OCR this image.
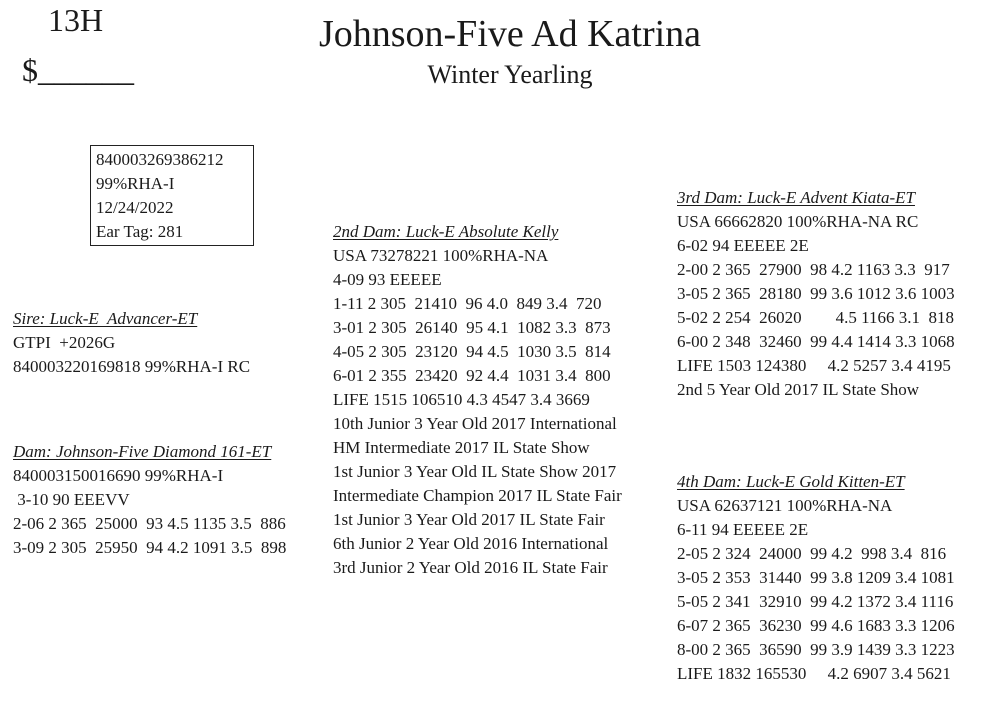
13H
$______
Johnson-Five Ad Katrina
Winter Yearling
840003269386212
99%RHA-I
12/24/2022
Ear Tag: 281
Sire: Luck-E  Advancer-ET
GTPI  +2026G
840003220169818 99%RHA-I RC
Dam: Johnson-Five Diamond 161-ET
840003150016690 99%RHA-I
3-10 90 EEEVV
2-06 2 365  25000  93 4.5 1135 3.5  886
3-09 2 305  25950  94 4.2 1091 3.5  898
2nd Dam: Luck-E Absolute Kelly
USA 73278221 100%RHA-NA
4-09 93 EEEEE
1-11 2 305  21410  96 4.0  849 3.4  720
3-01 2 305  26140  95 4.1  1082 3.3  873
4-05 2 305  23120  94 4.5  1030 3.5  814
6-01 2 355  23420  92 4.4  1031 3.4  800
LIFE 1515 106510 4.3 4547 3.4 3669
10th Junior 3 Year Old 2017 International
HM Intermediate 2017 IL State Show
1st Junior 3 Year Old IL State Show 2017
Intermediate Champion 2017 IL State Fair
1st Junior 3 Year Old 2017 IL State Fair
6th Junior 2 Year Old 2016 International
3rd Junior 2 Year Old 2016 IL State Fair
3rd Dam: Luck-E Advent Kiata-ET
USA 66662820 100%RHA-NA RC
6-02 94 EEEEE 2E
2-00 2 365  27900  98 4.2 1163 3.3  917
3-05 2 365  28180  99 3.6 1012 3.6 1003
5-02 2 254  26020        4.5 1166 3.1  818
6-00 2 348  32460  99 4.4 1414 3.3 1068
LIFE 1503 124380     4.2 5257 3.4 4195
2nd 5 Year Old 2017 IL State Show
4th Dam: Luck-E Gold Kitten-ET
USA 62637121 100%RHA-NA
6-11 94 EEEEE 2E
2-05 2 324  24000  99 4.2  998 3.4  816
3-05 2 353  31440  99 3.8 1209 3.4 1081
5-05 2 341  32910  99 4.2 1372 3.4 1116
6-07 2 365  36230  99 4.6 1683 3.3 1206
8-00 2 365  36590  99 3.9 1439 3.3 1223
LIFE 1832 165530     4.2 6907 3.4 5621
